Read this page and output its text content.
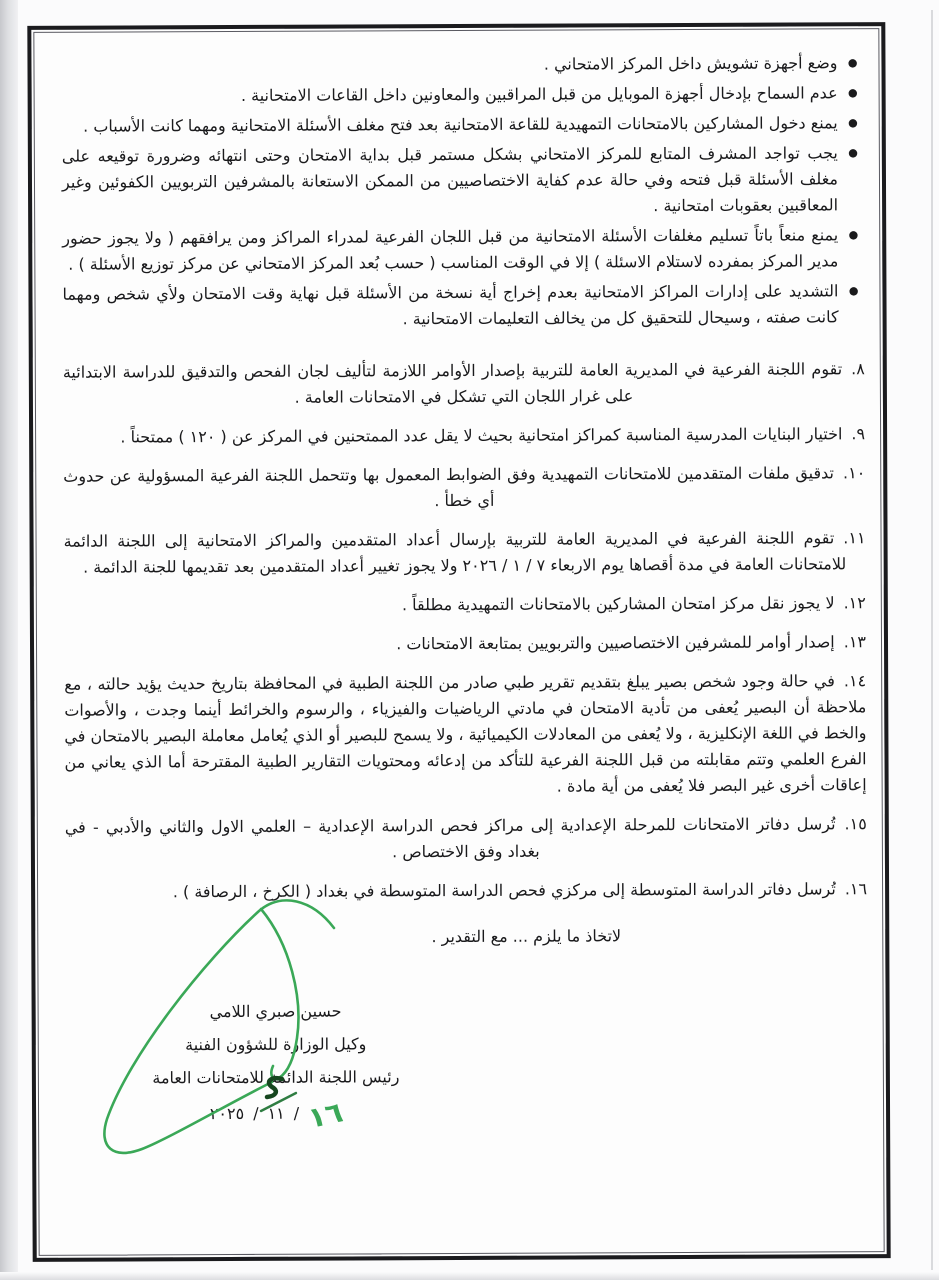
●
وضع أجهزة تشويش داخل المركز الامتحاني .
●
عدم السماح بإدخال أجهزة الموبايل من قبل المراقبين والمعاونين داخل القاعات الامتحانية .
●
يمنع دخول المشاركين بالامتحانات التمهيدية للقاعة الامتحانية بعد فتح مغلف الأسئلة الامتحانية ومهما كانت الأسباب .
●
يجب تواجد المشرف المتابع للمركز الامتحاني بشكل مستمر قبل بداية الامتحان وحتى انتهائه وضرورة توقيعه على مغلف الأسئلة قبل فتحه وفي حالة عدم كفاية الاختصاصيين من الممكن الاستعانة بالمشرفين التربويين الكفوئين وغير المعاقبين بعقوبات امتحانية .
●
يمنع منعاً باتاً تسليم مغلفات الأسئلة الامتحانية من قبل اللجان الفرعية لمدراء المراكز ومن يرافقهم ( ولا يجوز حضور مدير المركز بمفرده لاستلام الاسئلة ) إلا في الوقت المناسب ( حسب بُعد المركز الامتحاني عن مركز توزيع الأسئلة ) .
●
التشديد على إدارات المراكز الامتحانية بعدم إخراج أية نسخة من الأسئلة قبل نهاية وقت الامتحان ولأي شخص ومهما كانت صفته ، وسيحال للتحقيق كل من يخالف التعليمات الامتحانية .
٨.تقوم اللجنة الفرعية في المديرية العامة للتربية بإصدار الأوامر اللازمة لتأليف لجان الفحص والتدقيق للدراسة الابتدائية على غرار اللجان التي تشكل في الامتحانات العامة .
٩.اختيار البنايات المدرسية المناسبة كمراكز امتحانية بحيث لا يقل عدد الممتحنين في المركز عن ( ١٢٠ ) ممتحناً .
١٠.تدقيق ملفات المتقدمين للامتحانات التمهيدية وفق الضوابط المعمول بها وتتحمل اللجنة الفرعية المسؤولية عن حدوث أي خطأ .
١١.تقوم اللجنة الفرعية في المديرية العامة للتربية بإرسال أعداد المتقدمين والمراكز الامتحانية إلى اللجنة الدائمة للامتحانات العامة في مدة أقصاها يوم الاربعاء ٧ / ١ / ٢٠٢٦ ولا يجوز تغيير أعداد المتقدمين بعد تقديمها للجنة الدائمة .
١٢.لا يجوز نقل مركز امتحان المشاركين بالامتحانات التمهيدية مطلقاً .
١٣.إصدار أوامر للمشرفين الاختصاصيين والتربويين بمتابعة الامتحانات .
١٤.في حالة وجود شخص بصير يبلغ بتقديم تقرير طبي صادر من اللجنة الطبية في المحافظة بتاريخ حديث يؤيد حالته ، مع ملاحظة أن البصير يُعفى من تأدية الامتحان في مادتي الرياضيات والفيزياء ، والرسوم والخرائط أينما وجدت ، والأصوات والخط في اللغة الإنكليزية ، ولا يُعفى من المعادلات الكيميائية ، ولا يسمح للبصير أو الذي يُعامل معاملة البصير بالامتحان في الفرع العلمي وتتم مقابلته من قبل اللجنة الفرعية للتأكد من إدعائه ومحتويات التقارير الطبية المقترحة أما الذي يعاني من إعاقات أخرى غير البصر فلا يُعفى من أية مادة .
١٥.تُرسل دفاتر الامتحانات للمرحلة الإعدادية إلى مراكز فحص الدراسة الإعدادية – العلمي الاول والثاني والأدبي - في بغداد وفق الاختصاص .
١٦.تُرسل دفاتر الدراسة المتوسطة إلى مركزي فحص الدراسة المتوسطة في بغداد ( الكرخ ، الرصافة ) .
لاتخاذ ما يلزم ... مع التقدير .
حسين صبري اللامي
وكيل الوزارة للشؤون الفنية
رئيس اللجنة الدائمة للامتحانات العامة
١٦
/
١١
/
٢٠٢٥
